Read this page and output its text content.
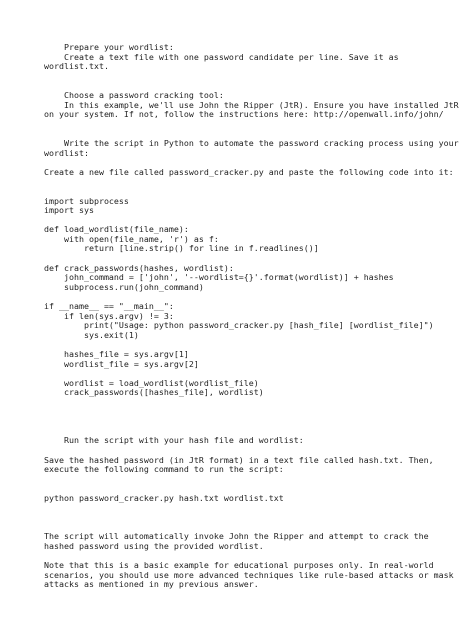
Prepare your wordlist:
Create a text file with one password candidate per line. Save it as
wordlist.txt.
Choose a password cracking tool:
In this example, we'll use John the Ripper (JtR). Ensure you have installed JtR
on your system. If not, follow the instructions here: http://openwall.info/john/
Write the script in Python to automate the password cracking process using your
wordlist:
Create a new file called password_cracker.py and paste the following code into it:
import subprocess
import sys
def load_wordlist(file_name):
with open(file_name, 'r') as f:
return [line.strip() for line in f.readlines()]
def crack_passwords(hashes, wordlist):
john_command = ['john', '--wordlist={}'.format(wordlist)] + hashes
subprocess.run(john_command)
if __name__ == "__main__":
if len(sys.argv) != 3:
print("Usage: python password_cracker.py [hash_file] [wordlist_file]")
sys.exit(1)
hashes_file = sys.argv[1]
wordlist_file = sys.argv[2]
wordlist = load_wordlist(wordlist_file)
crack_passwords([hashes_file], wordlist)
Run the script with your hash file and wordlist:
Save the hashed password (in JtR format) in a text file called hash.txt. Then,
execute the following command to run the script:
python password_cracker.py hash.txt wordlist.txt
The script will automatically invoke John the Ripper and attempt to crack the
hashed password using the provided wordlist.
Note that this is a basic example for educational purposes only. In real-world
scenarios, you should use more advanced techniques like rule-based attacks or mask
attacks as mentioned in my previous answer.
